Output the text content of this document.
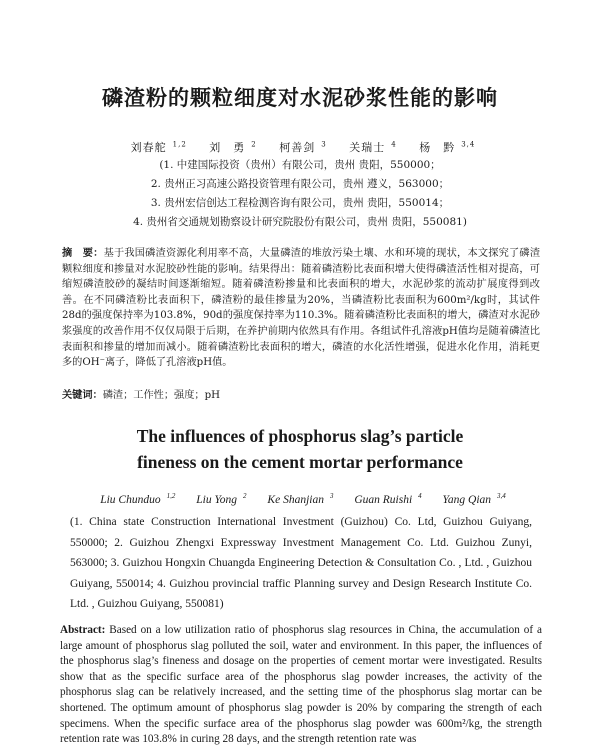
磷渣粉的颗粒细度对水泥砂浆性能的影响
刘春舵 $^{1,2}$ 刘　勇 $^2$ 柯善剑 $^3$ 关瑞士 $^4$ 杨　黔 $^{3,4}$
(1. 中建国际投资（贵州）有限公司，贵州 贵阳，550000；
2. 贵州正习高速公路投资管理有限公司，贵州 遵义，563000；
3. 贵州宏信创达工程检测咨询有限公司，贵州 贵阳，550014；
4. 贵州省交通规划勘察设计研究院股份有限公司，贵州 贵阳，550081)
摘　要：基于我国磷渣资源化利用率不高，大量磷渣的堆放污染土壤、水和环境的现状，本文探究了磷渣颗粒细度和掺量对水泥胶砂性能的影响。结果得出：随着磷渣粉比表面积增大使得磷渣活性相对提高，可缩短磷渣胶砂的凝结时间逐渐缩短。随着磷渣粉掺量和比表面积的增大，水泥砂浆的流动扩展度得到改善。在不同磷渣粉比表面积下，磷渣粉的最佳掺量为20%，当磷渣粉比表面积为600m²/kg时，其试件28d的强度保持率为103.8%，90d的强度保持率为110.3%。随着磷渣粉比表面积的增大，磷渣对水泥砂浆强度的改善作用不仅仅局限于后期，在养护前期内依然具有作用。各组试件孔溶液pH值均是随着磷渣比表面积和掺量的增加而减小。随着磷渣粉比表面积的增大，磷渣的水化活性增强，促进水化作用，消耗更多的OH⁻离子，降低了孔溶液pH值。
关键词：磷渣；工作性；强度；pH
The influences of phosphorus slag’s particle
fineness on the cement mortar performance
Liu Chunduo $^{1,2}$ Liu Yong $^2$ Ke Shanjian $^3$ Guan Ruishi $^4$ Yang Qian $^{3,4}$
(1. China state Construction International Investment (Guizhou) Co. Ltd, Guizhou Guiyang, 550000; 2. Guizhou Zhengxi Expressway Investment Management Co. Ltd. Guizhou Zunyi, 563000; 3. Guizhou Hongxin Chuangda Engineering Detection & Consultation Co. , Ltd. , Guizhou Guiyang, 550014; 4. Guizhou provincial traffic Planning survey and Design Research Institute Co. Ltd. , Guizhou Guiyang, 550081)
Abstract: Based on a low utilization ratio of phosphorus slag resources in China, the accumulation of a large amount of phosphorus slag polluted the soil, water and environment. In this paper, the influences of the phosphorus slag’s fineness and dosage on the properties of cement mortar were investigated. Results show that as the specific surface area of the phosphorus slag powder increases, the activity of the phosphorus slag can be relatively increased, and the setting time of the phosphorus slag mortar can be shortened. The optimum amount of phosphorus slag powder is 20% by comparing the strength of each specimens. When the specific surface area of the phosphorus slag powder was 600m²/kg, the strength retention rate was 103.8% in curing 28 days, and the strength retention rate was
